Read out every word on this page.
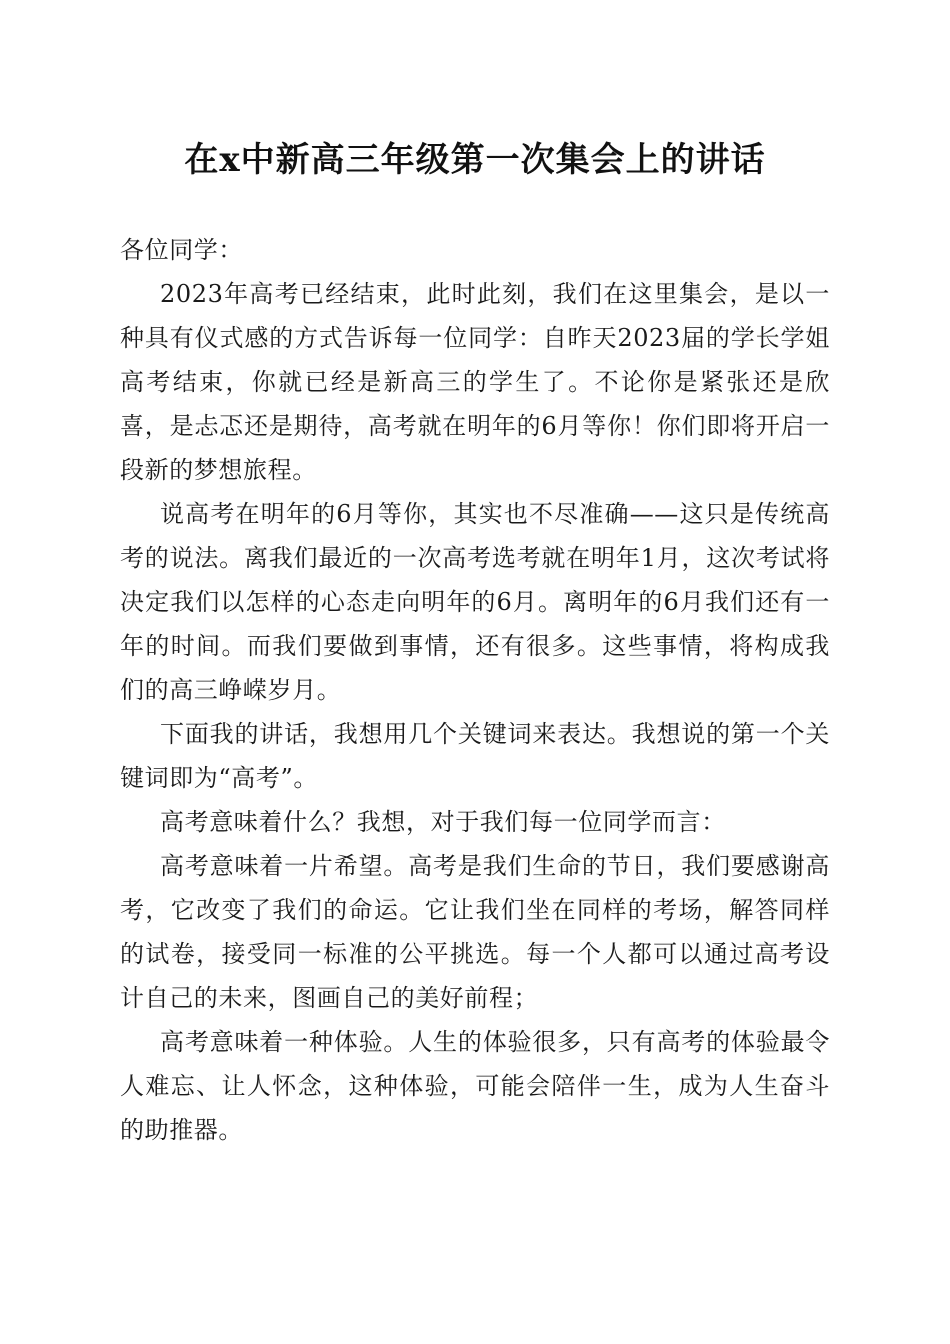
在x中新高三年级第一次集会上的讲话

各位同学：

2023年高考已经结束，此时此刻，我们在这里集会，是以一种具有仪式感的方式告诉每一位同学：自昨天2023届的学长学姐高考结束，你就已经是新高三的学生了。不论你是紧张还是欣喜，是忐忑还是期待，高考就在明年的6月等你！你们即将开启一段新的梦想旅程。

说高考在明年的6月等你，其实也不尽准确——这只是传统高考的说法。离我们最近的一次高考选考就在明年1月，这次考试将决定我们以怎样的心态走向明年的6月。离明年的6月我们还有一年的时间。而我们要做到事情，还有很多。这些事情，将构成我们的高三峥嵘岁月。

下面我的讲话，我想用几个关键词来表达。我想说的第一个关键词即为“高考”。

高考意味着什么？我想，对于我们每一位同学而言：

高考意味着一片希望。高考是我们生命的节日，我们要感谢高考，它改变了我们的命运。它让我们坐在同样的考场，解答同样的试卷，接受同一标准的公平挑选。每一个人都可以通过高考设计自己的未来，图画自己的美好前程；

高考意味着一种体验。人生的体验很多，只有高考的体验最令人难忘、让人怀念，这种体验，可能会陪伴一生，成为人生奋斗的助推器。
